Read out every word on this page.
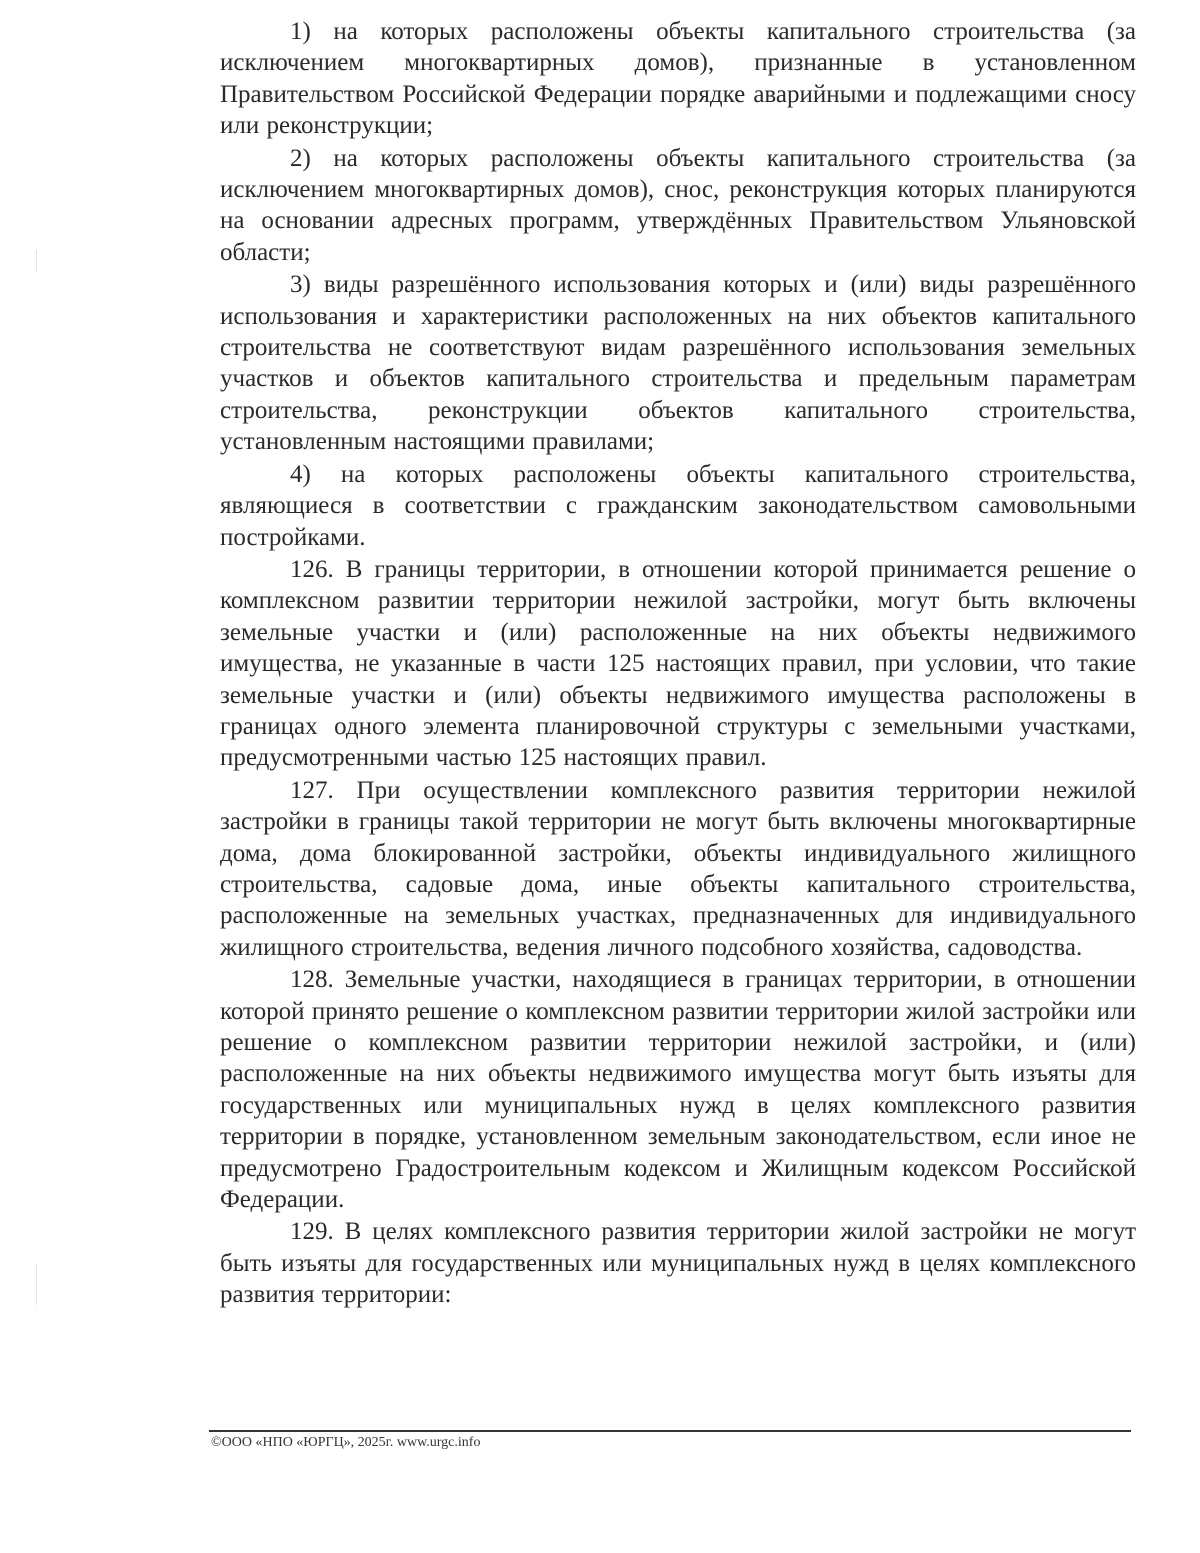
1) на которых расположены объекты капитального строительства (за исключением многоквартирных домов), признанные в установленном Правительством Российской Федерации порядке аварийными и подлежащими сносу или реконструкции;

2) на которых расположены объекты капитального строительства (за исключением многоквартирных домов), снос, реконструкция которых планируются на основании адресных программ, утверждённых Правительством Ульяновской области;

3) виды разрешённого использования которых и (или) виды разрешённого использования и характеристики расположенных на них объектов капитального строительства не соответствуют видам разрешённого использования земельных участков и объектов капитального строительства и предельным параметрам строительства, реконструкции объектов капитального строительства, установленным настоящими правилами;

4) на которых расположены объекты капитального строительства, являющиеся в соответствии с гражданским законодательством самовольными постройками.

126. В границы территории, в отношении которой принимается решение о комплексном развитии территории нежилой застройки, могут быть включены земельные участки и (или) расположенные на них объекты недвижимого имущества, не указанные в части 125 настоящих правил, при условии, что такие земельные участки и (или) объекты недвижимого имущества расположены в границах одного элемента планировочной структуры с земельными участками, предусмотренными частью 125 настоящих правил.

127. При осуществлении комплексного развития территории нежилой застройки в границы такой территории не могут быть включены многоквартирные дома, дома блокированной застройки, объекты индивидуального жилищного строительства, садовые дома, иные объекты капитального строительства, расположенные на земельных участках, предназначенных для индивидуального жилищного строительства, ведения личного подсобного хозяйства, садоводства.

128. Земельные участки, находящиеся в границах территории, в отношении которой принято решение о комплексном развитии территории жилой застройки или решение о комплексном развитии территории нежилой застройки, и (или) расположенные на них объекты недвижимого имущества могут быть изъяты для государственных или муниципальных нужд в целях комплексного развития территории в порядке, установленном земельным законодательством, если иное не предусмотрено Градостроительным кодексом и Жилищным кодексом Российской Федерации.

129. В целях комплексного развития территории жилой застройки не могут быть изъяты для государственных или муниципальных нужд в целях комплексного развития территории:

©ООО «НПО «ЮРГЦ», 2025г. www.urgc.info
